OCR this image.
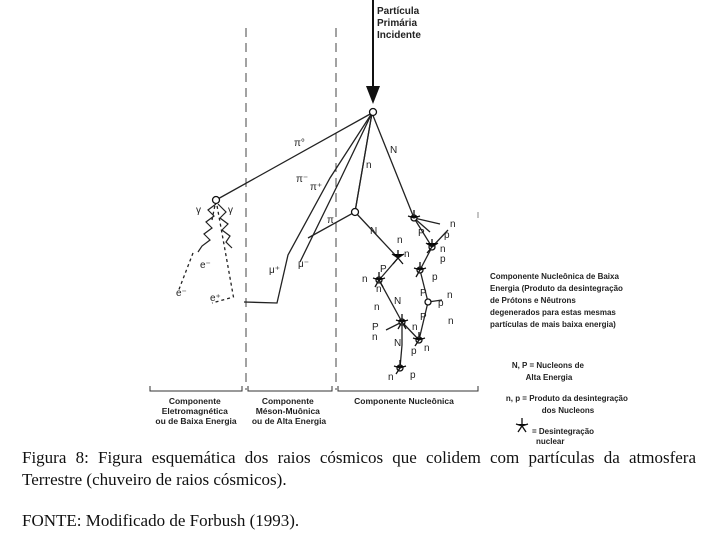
Partícula Primária Incidente
π°
π⁻
π⁺
π
μ⁺
μ⁻
γ	γ
e⁻
e⁻ e⁺
N
n
N
n
p
P
n
n	n
p
P
n
n
p
N
n
P
p
n
P	n
P n
n
N
p n
n p
Componente Eletromagnética ou de Baixa Energia
Componente Méson-Muônica ou de Alta Energia
Componente Nucleônica
Componente Nucleônica de Baixa Energia (Produto da desintegração de Prótons e Nêutrons degenerados para estas mesmas partículas de mais baixa energia)
N, P = Nucleons de Alta Energia
n, p = Produto da desintegração dos Nucleons
= Desintegração nuclear
Figura 8: Figura esquemática dos raios cósmicos que colidem com partículas da atmosfera Terrestre (chuveiro de raios cósmicos).
FONTE: Modificado de Forbush (1993).
